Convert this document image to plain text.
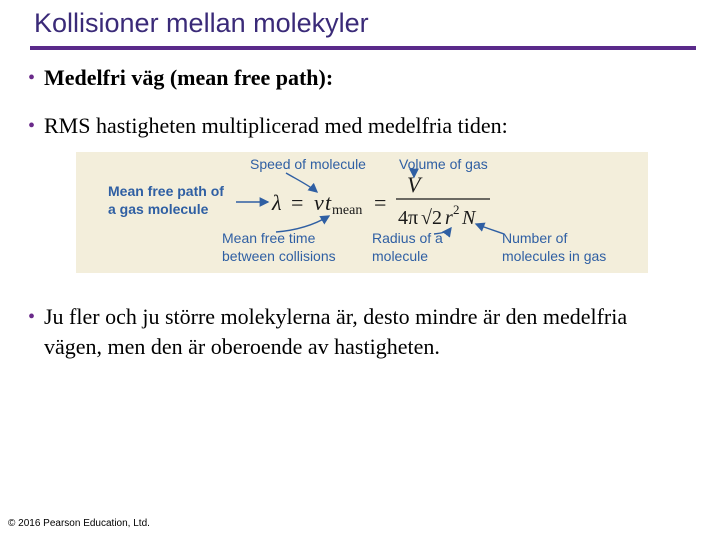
Kollisioner mellan molekyler
• Medelfri väg (mean free path):
• RMS hastigheten multiplicerad med medelfria tiden:
Mean free path of
a gas molecule
Speed of molecule Volume of gas
Mean free time
between collisions
Radius of a
molecule
Number of
molecules in gas
λ = v t mean =
V
4π √2 r 2 N
• Ju fler och ju större molekylerna är, desto mindre är den medelfria vägen, men den är oberoende av hastigheten.
© 2016 Pearson Education, Ltd.
